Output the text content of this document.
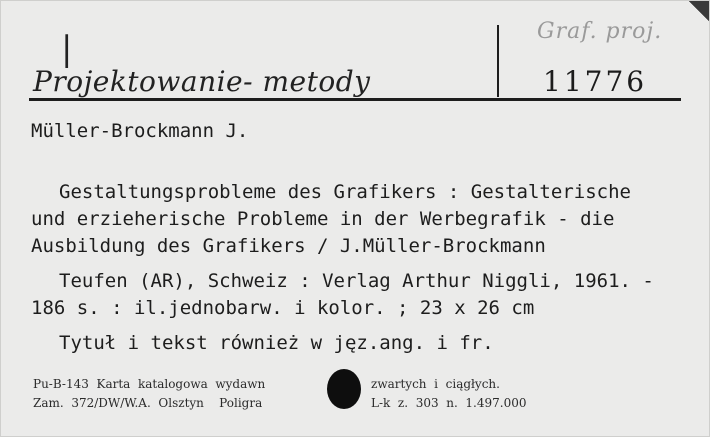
|
Projektowanie- metody
Graf. proj.
11776
Müller-Brockmann J.
Gestaltungsprobleme des Grafikers : Gestalterische
und erzieherische Probleme in der Werbegrafik - die
Ausbildung des Grafikers / J.Müller-Brockmann
Teufen (AR), Schweiz : Verlag Arthur Niggli, 1961. -
186 s. : il.jednobarw. i kolor. ; 23 x 26 cm
Tytuł i tekst również w jęz.ang. i fr.
Pu-B-143  Karta  katalogowa  wydawn	zwartych  i  ciągłych.
Zam.  372/DW/W.A.  Olsztyn    Poligra	L-k  z.  303  n.  1.497.000
